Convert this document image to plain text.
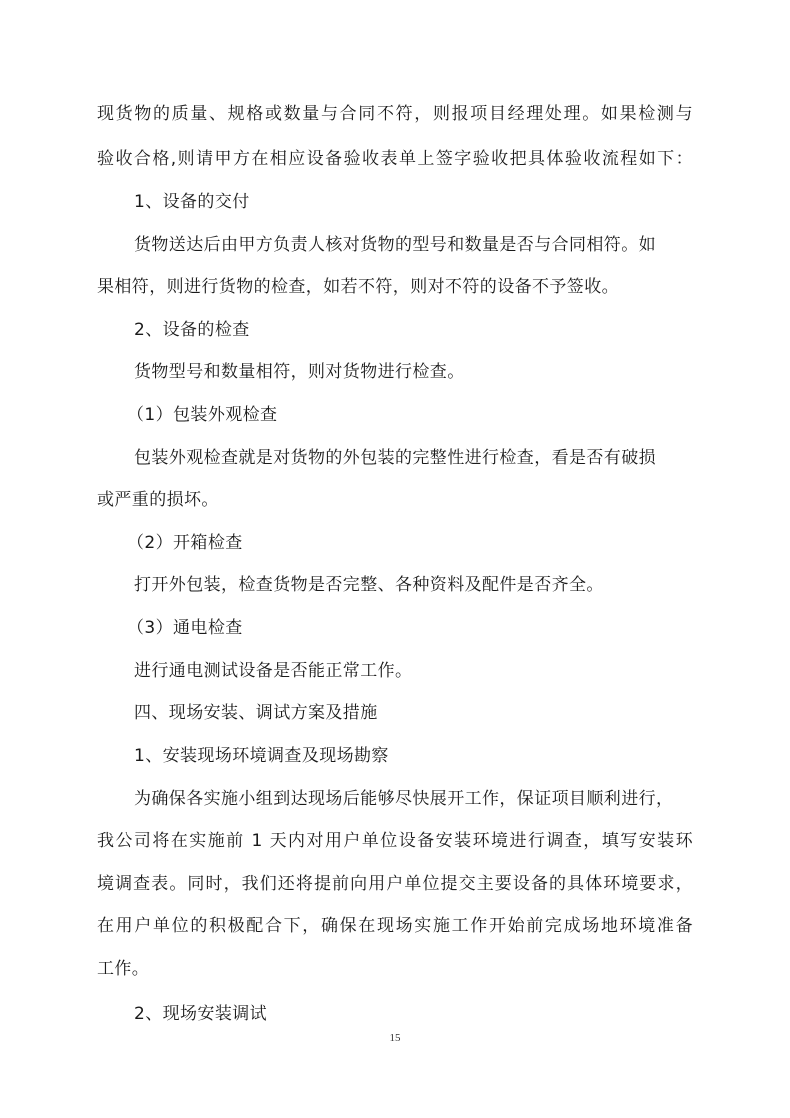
现货物的质量、规格或数量与合同不符，则报项目经理处理。如果检测与
验收合格,则请甲方在相应设备验收表单上签字验收把具体验收流程如下：
1、设备的交付
货物送达后由甲方负责人核对货物的型号和数量是否与合同相符。如
果相符，则进行货物的检查，如若不符，则对不符的设备不予签收。
2、设备的检查
货物型号和数量相符，则对货物进行检查。
（1）包装外观检查
包装外观检查就是对货物的外包装的完整性进行检查，看是否有破损
或严重的损坏。
（2）开箱检查
打开外包装，检查货物是否完整、各种资料及配件是否齐全。
（3）通电检查
进行通电测试设备是否能正常工作。
四、现场安装、调试方案及措施
1、安装现场环境调查及现场勘察
为确保各实施小组到达现场后能够尽快展开工作，保证项目顺利进行，
我公司将在实施前 1 天内对用户单位设备安装环境进行调查，填写安装环
境调查表。同时，我们还将提前向用户单位提交主要设备的具体环境要求，
在用户单位的积极配合下，确保在现场实施工作开始前完成场地环境准备
工作。
2、现场安装调试
15
